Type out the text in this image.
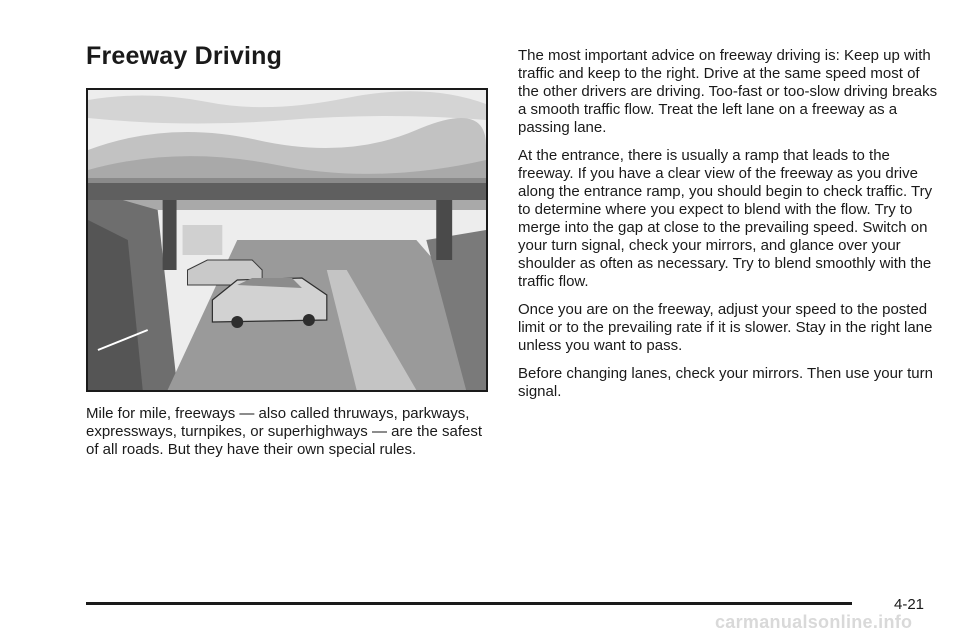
Freeway Driving

Mile for mile, freeways — also called thruways, parkways, expressways, turnpikes, or superhighways — are the safest of all roads. But they have their own special rules.

The most important advice on freeway driving is: Keep up with traffic and keep to the right. Drive at the same speed most of the other drivers are driving. Too-fast or too-slow driving breaks a smooth traffic flow. Treat the left lane on a freeway as a passing lane.

At the entrance, there is usually a ramp that leads to the freeway. If you have a clear view of the freeway as you drive along the entrance ramp, you should begin to check traffic. Try to determine where you expect to blend with the flow. Try to merge into the gap at close to the prevailing speed. Switch on your turn signal, check your mirrors, and glance over your shoulder as often as necessary. Try to blend smoothly with the traffic flow.

Once you are on the freeway, adjust your speed to the posted limit or to the prevailing rate if it is slower. Stay in the right lane unless you want to pass.

Before changing lanes, check your mirrors. Then use your turn signal.

4-21
carmanualsonline.info
